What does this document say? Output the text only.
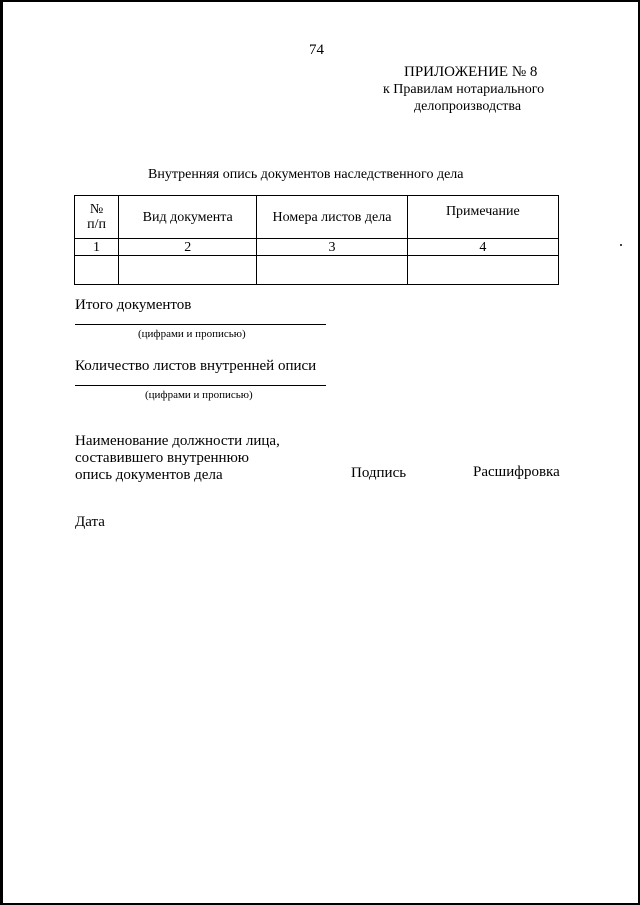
74
ПРИЛОЖЕНИЕ № 8
к Правилам нотариального
делопроизводства
Внутренняя опись документов наследственного дела
№
п/п	Вид документа	Номера листов дела	Примечание
1	2	3	4

Итого документов
(цифрами и прописью)
Количество листов внутренней описи
(цифрами и прописью)
Наименование должности лица,
составившего внутреннюю
опись документов дела	Подпись	Расшифровка
Дата
